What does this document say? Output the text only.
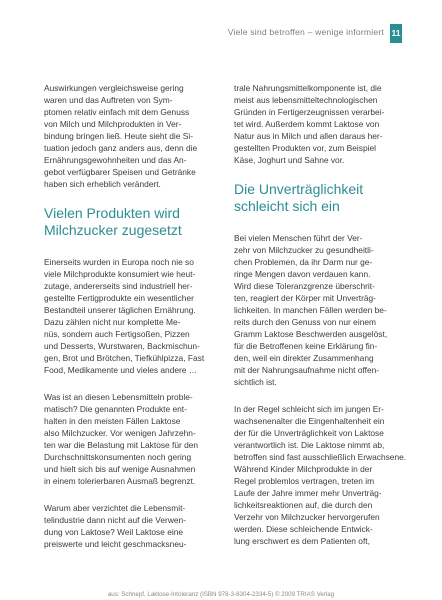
Viele sind betroffen – wenige informiert 11

Auswirkungen vergleichsweise gering
waren und das Auftreten von Sym-
ptomen relativ einfach mit dem Genuss
von Milch und Milchprodukten in Ver-
bindung bringen ließ. Heute sieht die Si-
tuation jedoch ganz anders aus, denn die
Ernährungsgewohnheiten und das An-
gebot verfügbarer Speisen und Getränke
haben sich erheblich verändert.

Vielen Produkten wird
Milchzucker zugesetzt

Einerseits wurden in Europa noch nie so
viele Milchprodukte konsumiert wie heut-
zutage, andererseits sind industriell her-
gestellte Fertigprodukte ein wesentlicher
Bestandteil unserer täglichen Ernährung.
Dazu zählen nicht nur komplette Me-
nüs, sondern auch Fertigsoßen, Pizzen
und Desserts, Wurstwaren, Backmischun-
gen, Brot und Brötchen, Tiefkühlpizza, Fast
Food, Medikamente und vieles andere …

Was ist an diesen Lebensmitteln proble-
matisch? Die genannten Produkte ent-
halten in den meisten Fällen Laktose
also Milchzucker. Vor wenigen Jahrzehn-
ten war die Belastung mit Laktose für den
Durchschnittskonsumenten noch gering
und hielt sich bis auf wenige Ausnahmen
in einem tolerierbaren Ausmaß begrenzt.

Warum aber verzichtet die Lebensmit-
telindustrie dann nicht auf die Verwen-
dung von Laktose? Weil Laktose eine
preiswerte und leicht geschmacksneu-

trale Nahrungsmittelkomponente ist, die
meist aus lebensmitteltechnologischen
Gründen in Fertigerzeugnissen verarbei-
tet wird. Außerdem kommt Laktose von
Natur aus in Milch und allen daraus her-
gestellten Produkten vor, zum Beispiel
Käse, Joghurt und Sahne vor.

Die Unverträglichkeit
schleicht sich ein

Bei vielen Menschen führt der Ver-
zehr von Milchzucker zu gesundheitli-
chen Problemen, da ihr Darm nur ge-
ringe Mengen davon verdauen kann.
Wird diese Toleranzgrenze überschrit-
ten, reagiert der Körper mit Unverträg-
lichkeiten. In manchen Fällen werden be-
reits durch den Genuss von nur einem
Gramm Laktose Beschwerden ausgelöst,
für die Betroffenen keine Erklärung fin-
den, weil ein direkter Zusammenhang
mit der Nahrungsaufnahme nicht offen-
sichtlich ist.

In der Regel schleicht sich im jungen Er-
wachsenenalter die Eingenhaltenheit ein
der für die Unverträglichkeit von Laktose
verantwortlich ist. Die Laktose nimmt ab,
betroffen sind fast ausschließlich Erwachsene.
Während Kinder Milchprodukte in der
Regel problemlos vertragen, treten im
Laufe der Jahre immer mehr Unverträg-
lichkeitsreaktionen auf, die durch den
Verzehr von Milchzucker hervorgerufen
werden. Diese schleichende Entwick-
lung erschwert es dem Patienten oft,

aus: Schnepf, Laktose-Intoleranz (ISBN 978-3-8304-2334-5) © 2009 TRIAS Verlag
